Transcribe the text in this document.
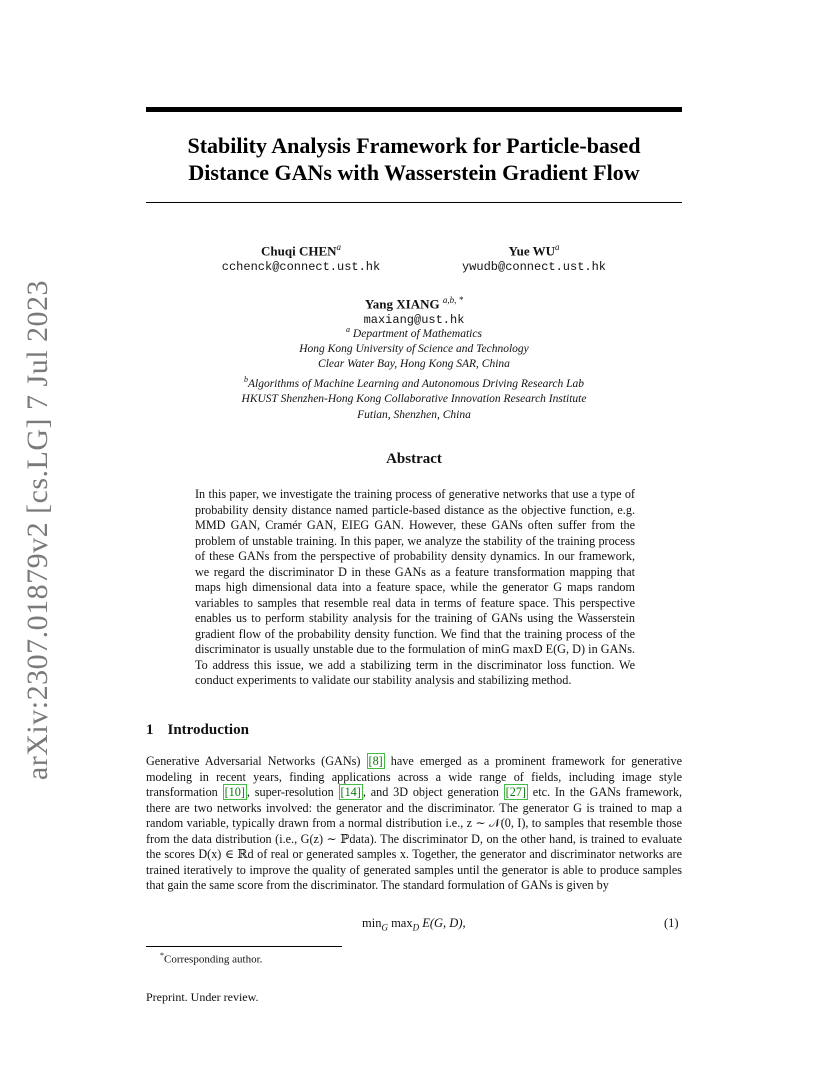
arXiv:2307.01879v2 [cs.LG] 7 Jul 2023
Stability Analysis Framework for Particle-based Distance GANs with Wasserstein Gradient Flow
Chuqi CHEN$^a$
cchenck@connect.ust.hk
Yue $WU^a$
ywudb@connect.ust.hk
Yang XIANG $^{a,b, *}$
maxiang@ust.hk
$^a$ Department of Mathematics
Hong Kong University of Science and Technology
Clear Water Bay, Hong Kong SAR, China
$^b$Algorithms of Machine Learning and Autonomous Driving Research Lab
HKUST Shenzhen-Hong Kong Collaborative Innovation Research Institute
Futian, Shenzhen, China
Abstract
In this paper, we investigate the training process of generative networks that use a type of probability density distance named particle-based distance as the objective function, e.g. MMD GAN, Cramér GAN, EIEG GAN. However, these GANs often suffer from the problem of unstable training. In this paper, we analyze the stability of the training process of these GANs from the perspective of probability density dynamics. In our framework, we regard the discriminator D in these GANs as a feature transformation mapping that maps high dimensional data into a feature space, while the generator G maps random variables to samples that resemble real data in terms of feature space. This perspective enables us to perform stability analysis for the training of GANs using the Wasserstein gradient flow of the probability density function. We find that the training process of the discriminator is usually unstable due to the formulation of minG maxD E(G, D) in GANs. To address this issue, we add a stabilizing term in the discriminator loss function. We conduct experiments to validate our stability analysis and stabilizing method.
1 Introduction
Generative Adversarial Networks (GANs) [8] have emerged as a prominent framework for generative modeling in recent years, finding applications across a wide range of fields, including image style transformation [10] , super-resolution [14] , and 3D object generation [27] etc. In the GANs framework, there are two networks involved: the generator and the discriminator. The generator G is trained to map a random variable, typically drawn from a normal distribution i.e., z ∼ 𝒩(0, I), to samples that resemble those from the data distribution (i.e., G(z) ∼ ℙdata). The discriminator D, on the other hand, is trained to evaluate the scores D(x) ∈ ℝd of real or generated samples x. Together, the generator and discriminator networks are trained iteratively to improve the quality of generated samples until the generator is able to produce samples that gain the same score from the discriminator. The standard formulation of GANs is given by
$\min_G \max_D E(G$, D),	(1)
*Corresponding author.
Preprint. Under review.
